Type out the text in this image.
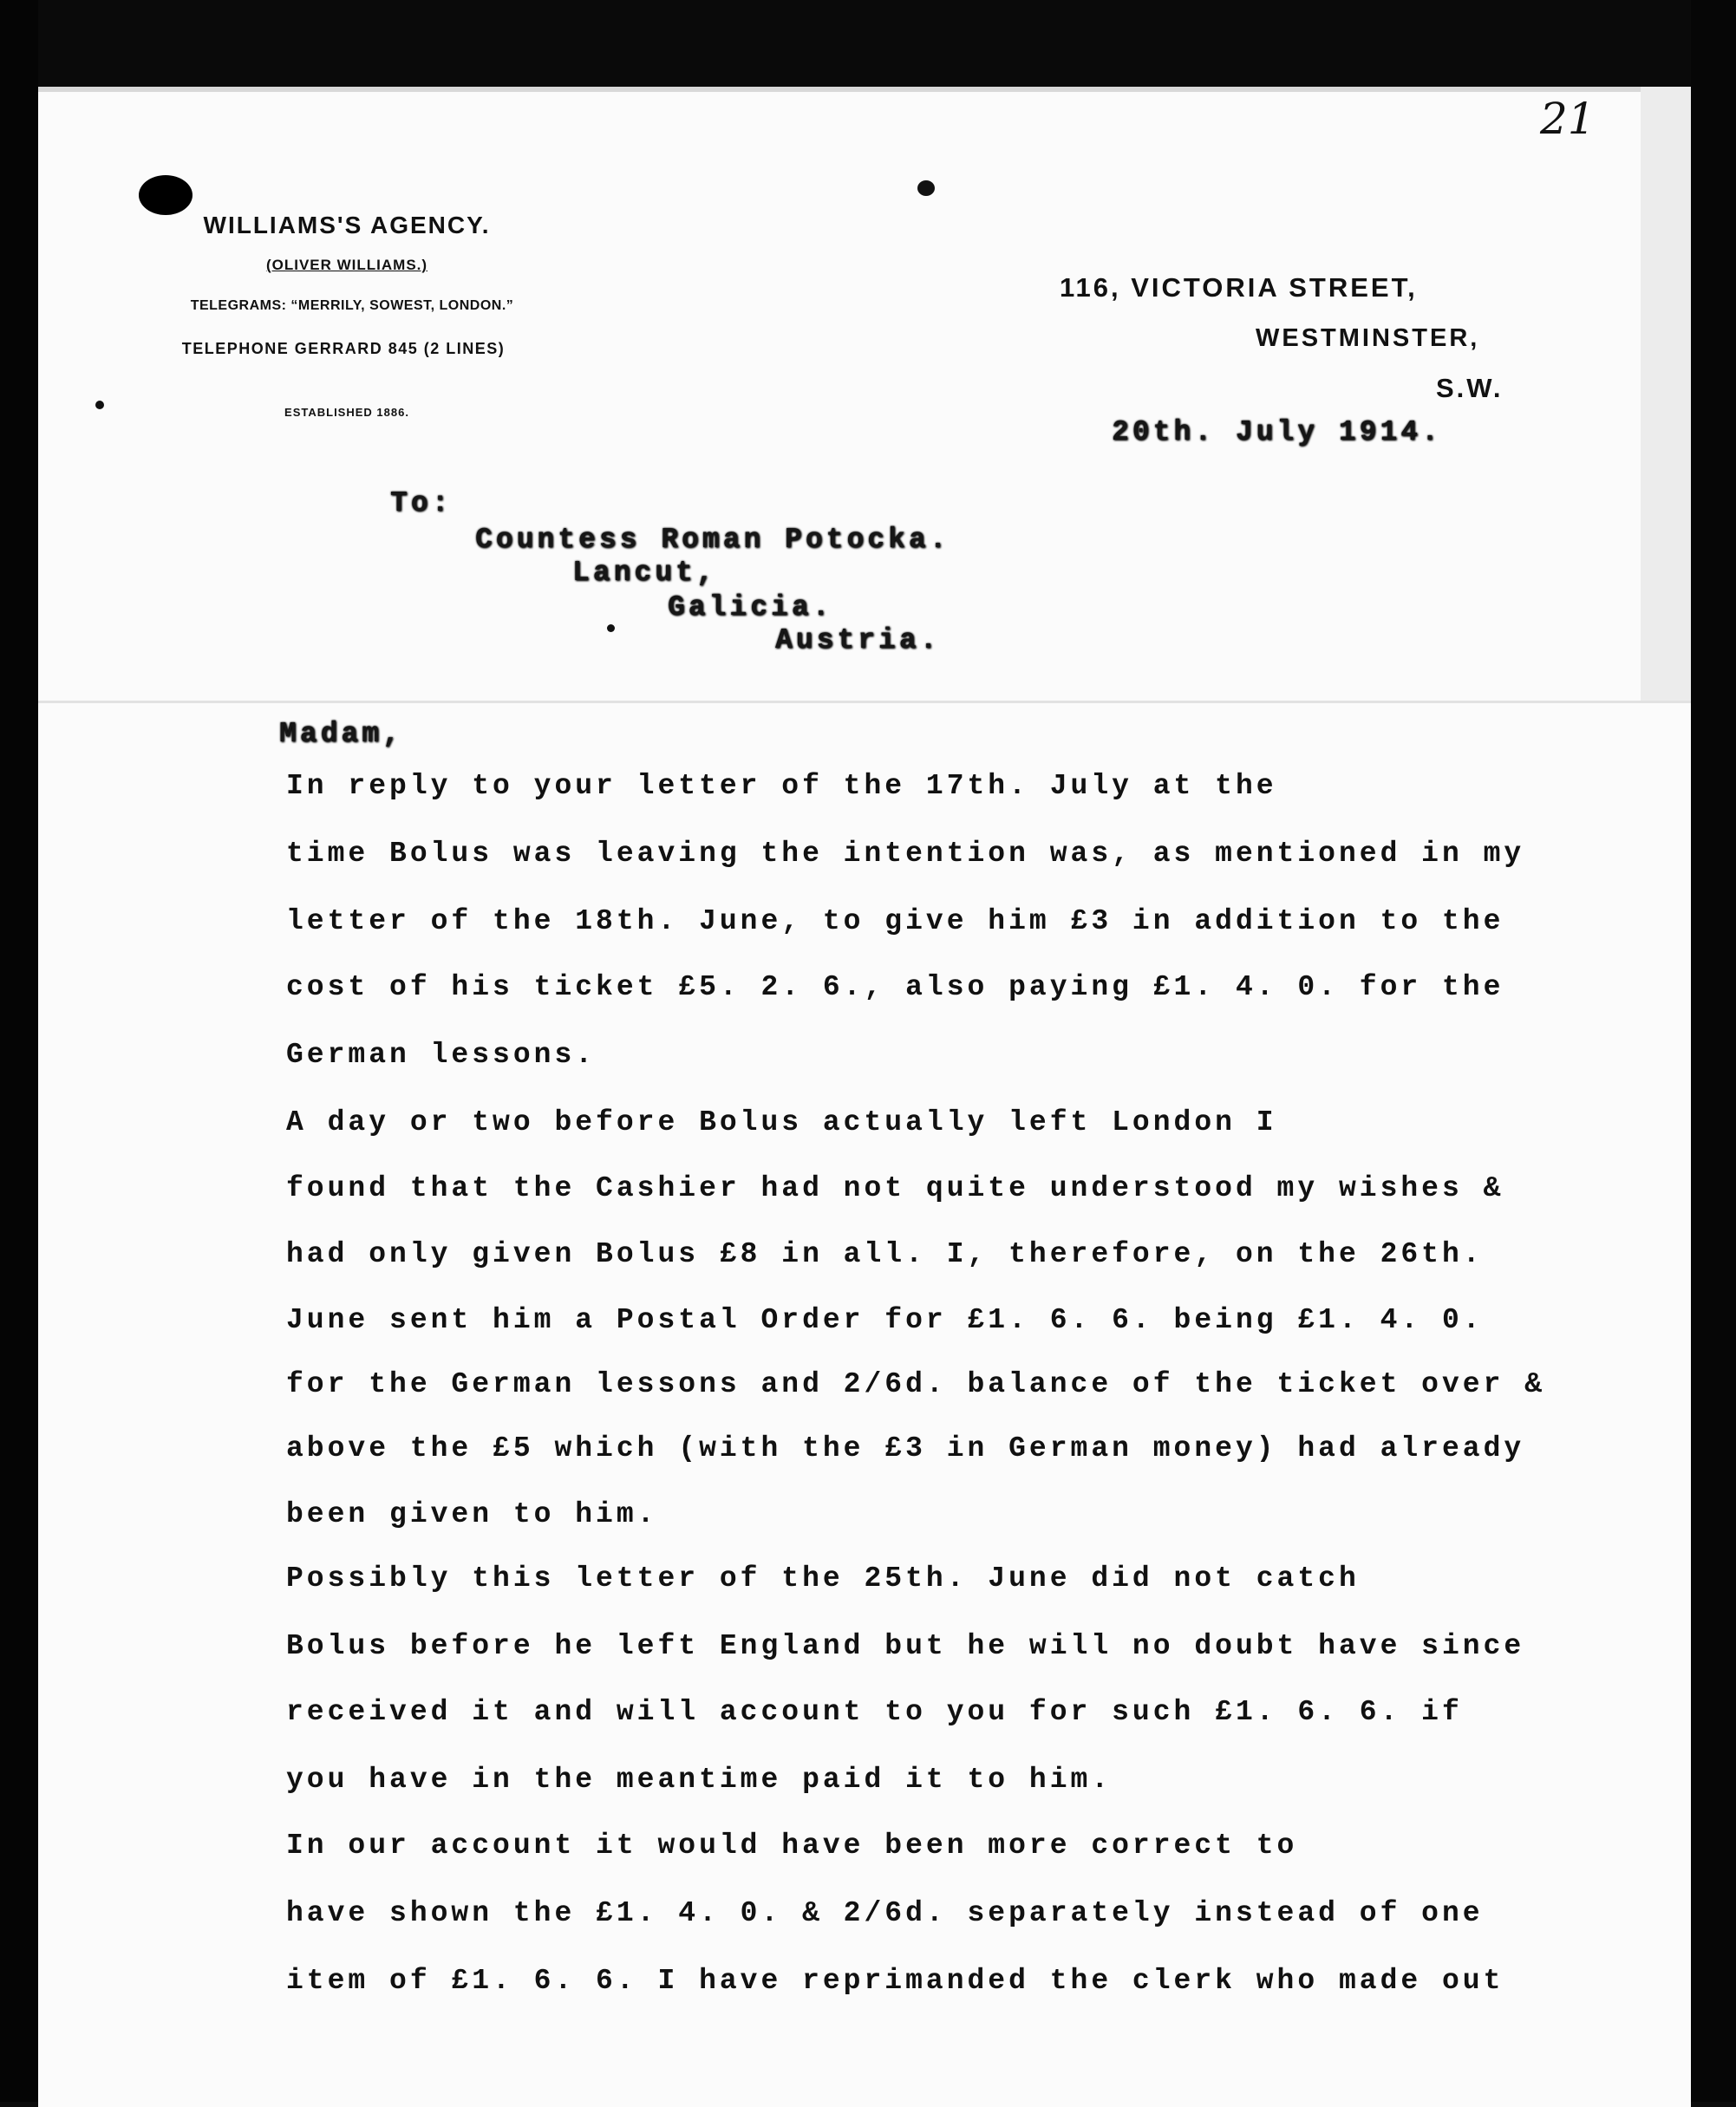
21
WILLIAMS'S AGENCY.
(OLIVER WILLIAMS.)
TELEGRAMS: “MERRILY, SOWEST, LONDON.”
TELEPHONE GERRARD 845 (2 LINES)
ESTABLISHED 1886.
116, VICTORIA STREET,
WESTMINSTER,
S.W.
20th. July 1914.
To:
Countess Roman Potocka.
Lancut,
Galicia.
Austria.
Madam,
In reply to your letter of the 17th. July at the
time Bolus was leaving the intention was, as mentioned in my
letter of the 18th. June, to give him £3 in addition to the
cost of his ticket £5. 2. 6., also paying £1. 4. 0. for the
German lessons.
A day or two before Bolus actually left London I
found that the Cashier had not quite understood my wishes &
had only given Bolus £8 in all. I, therefore, on the 26th.
June sent him a Postal Order for £1. 6. 6. being £1. 4. 0.
for the German lessons and 2/6d. balance of the ticket over &
above the £5 which (with the £3 in German money) had already
been given to him.
Possibly this letter of the 25th. June did not catch
Bolus before he left England but he will no doubt have since
received it and will account to you for such £1. 6. 6. if
you have in the meantime paid it to him.
In our account it would have been more correct to
have shown the £1. 4. 0. & 2/6d. separately instead of one
item of £1. 6. 6. I have reprimanded the clerk who made out
